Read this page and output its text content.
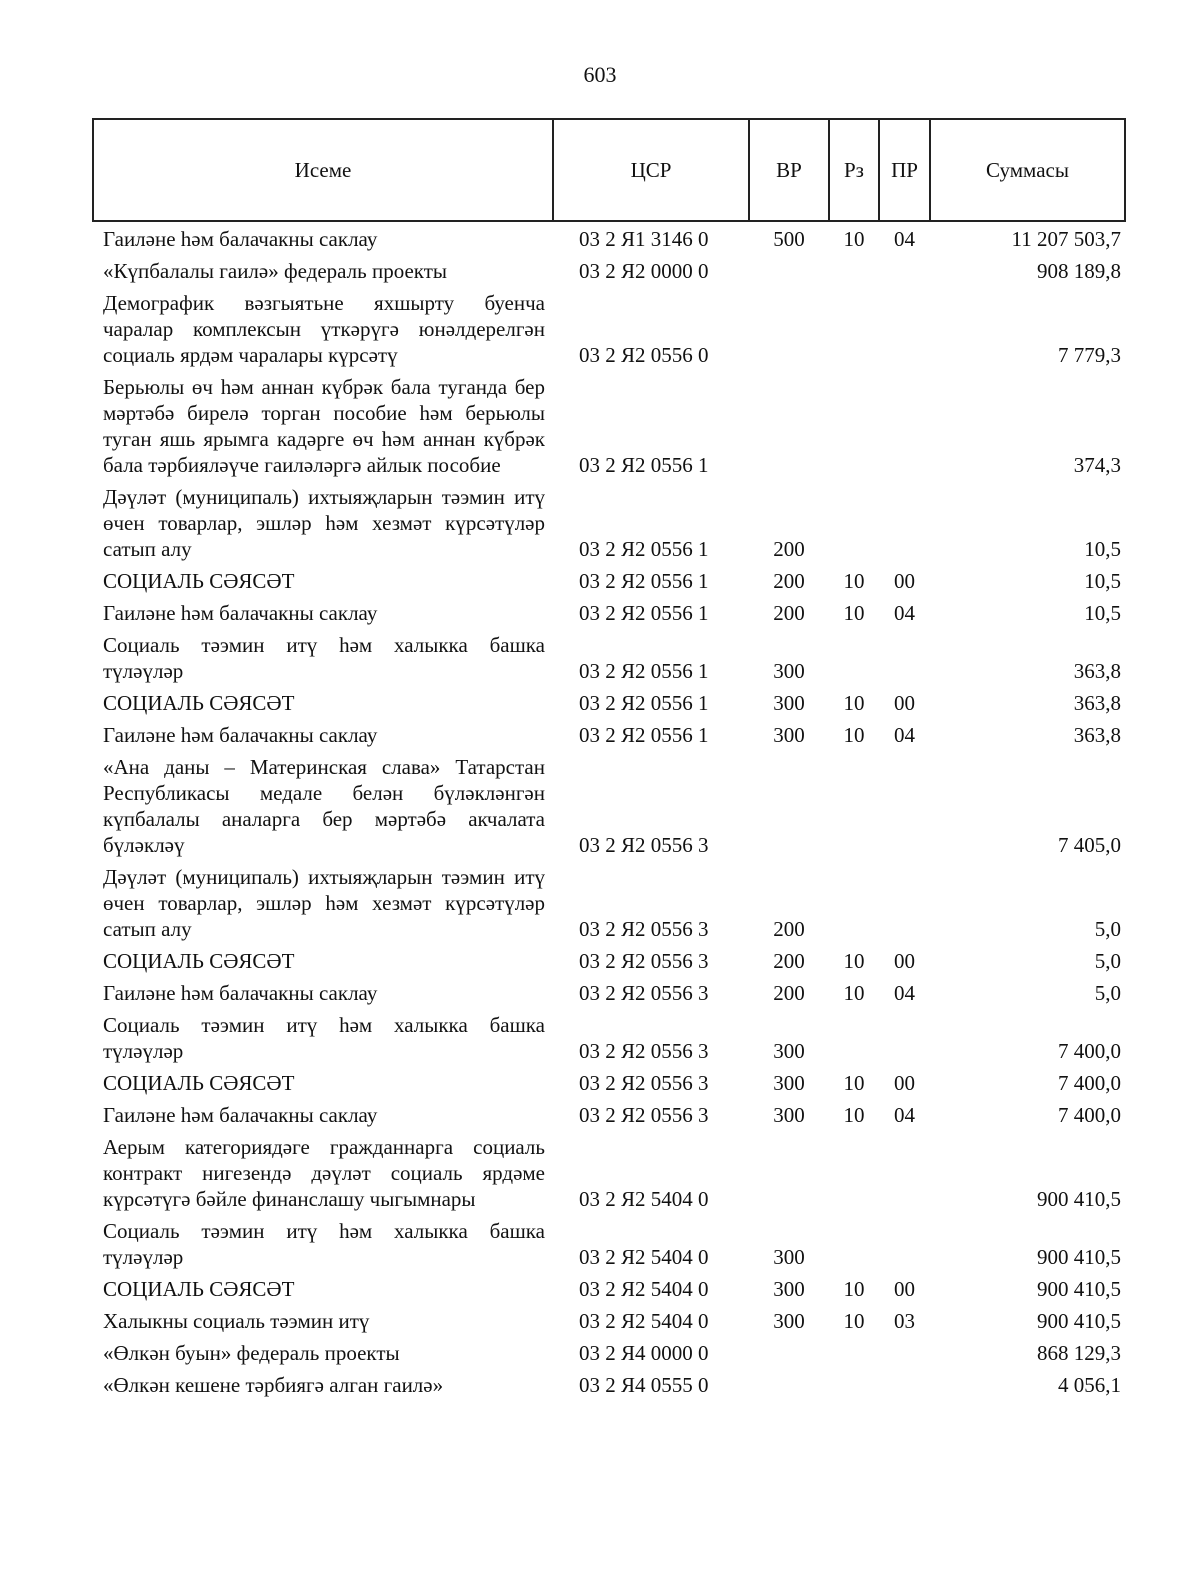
603
Исеме	ЦСР	ВР	Рз	ПР	Суммасы
Гаиләне һәм балачакны саклау	03 2 Я1 3146 0	500	10	04	11 207 503,7
«Күпбалалы гаилә» федераль проекты	03 2 Я2 0000 0				908 189,8
Демографик вәзгыятьне яхшырту буенча чаралар комплексын үткәрүгә юнәлдерелгән социаль ярдәм чаралары күрсәтү	03 2 Я2 0556 0				7 779,3
Берьюлы өч һәм аннан күбрәк бала туганда бер мәртәбә бирелә торган пособие һәм берьюлы туган яшь ярымга кадәрге өч һәм аннан күбрәк бала тәрбияләүче гаиләләргә айлык пособие	03 2 Я2 0556 1				374,3
Дәүләт (муниципаль) ихтыяҗларын тәэмин итү өчен товарлар, эшләр һәм хезмәт күрсәтүләр сатып алу	03 2 Я2 0556 1	200			10,5
СОЦИАЛЬ СӘЯСӘТ	03 2 Я2 0556 1	200	10	00	10,5
Гаиләне һәм балачакны саклау	03 2 Я2 0556 1	200	10	04	10,5
Социаль тәэмин итү һәм халыкка башка түләүләр	03 2 Я2 0556 1	300			363,8
СОЦИАЛЬ СӘЯСӘТ	03 2 Я2 0556 1	300	10	00	363,8
Гаиләне һәм балачакны саклау	03 2 Я2 0556 1	300	10	04	363,8
«Ана даны – Материнская слава» Татарстан Республикасы медале белән бүләкләнгән күпбалалы аналарга бер мәртәбә акчалата бүләкләү	03 2 Я2 0556 3				7 405,0
Дәүләт (муниципаль) ихтыяҗларын тәэмин итү өчен товарлар, эшләр һәм хезмәт күрсәтүләр сатып алу	03 2 Я2 0556 3	200			5,0
СОЦИАЛЬ СӘЯСӘТ	03 2 Я2 0556 3	200	10	00	5,0
Гаиләне һәм балачакны саклау	03 2 Я2 0556 3	200	10	04	5,0
Социаль тәэмин итү һәм халыкка башка түләүләр	03 2 Я2 0556 3	300			7 400,0
СОЦИАЛЬ СӘЯСӘТ	03 2 Я2 0556 3	300	10	00	7 400,0
Гаиләне һәм балачакны саклау	03 2 Я2 0556 3	300	10	04	7 400,0
Аерым категориядәге гражданнарга социаль контракт нигезендә дәүләт социаль ярдәме күрсәтүгә бәйле финанслашу чыгымнары	03 2 Я2 5404 0				900 410,5
Социаль тәэмин итү һәм халыкка башка түләүләр	03 2 Я2 5404 0	300			900 410,5
СОЦИАЛЬ СӘЯСӘТ	03 2 Я2 5404 0	300	10	00	900 410,5
Халыкны социаль тәэмин итү	03 2 Я2 5404 0	300	10	03	900 410,5
«Өлкән буын» федераль проекты	03 2 Я4 0000 0				868 129,3
«Өлкән кешене тәрбиягә алган гаилә»	03 2 Я4 0555 0				4 056,1
